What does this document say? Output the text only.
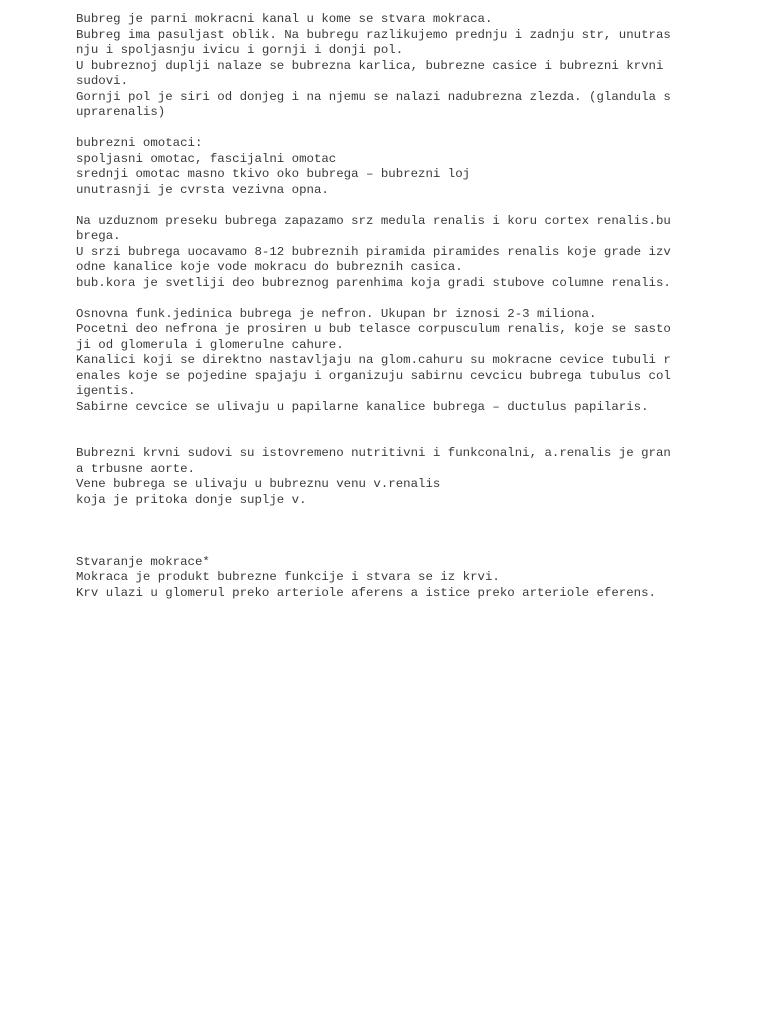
Bubreg je parni mokracni kanal u kome se stvara mokraca.
Bubreg ima pasuljast oblik. Na bubregu razlikujemo prednju i zadnju str, unutras
nju i spoljasnju ivicu i gornji i donji pol.
U bubreznoj duplji nalaze se bubrezna karlica, bubrezne casice i bubrezni krvni
sudovi.
Gornji pol je siri od donjeg i na njemu se nalazi nadubrezna zlezda. (glandula s
uprarenalis)
bubrezni omotaci:
spoljasni omotac, fascijalni omotac
srednji omotac masno tkivo oko bubrega – bubrezni loj
unutrasnji je cvrsta vezivna opna.
Na uzduznom preseku bubrega zapazamo srz medula renalis i koru cortex renalis.bu
brega.
U srzi bubrega uocavamo 8-12 bubreznih piramida piramides renalis koje grade izv
odne kanalice koje vode mokracu do bubreznih casica.
bub.kora je svetliji deo bubreznog parenhima koja gradi stubove columne renalis.
Osnovna funk.jedinica bubrega je nefron. Ukupan br iznosi 2-3 miliona.
Pocetni deo nefrona je prosiren u bub telasce corpusculum renalis, koje se sasto
ji od glomerula i glomerulne cahure.
Kanalici koji se direktno nastavljaju na glom.cahuru su mokracne cevice tubuli r
enales koje se pojedine spajaju i organizuju sabirnu cevcicu bubrega tubulus col
igentis.
Sabirne cevcice se ulivaju u papilarne kanalice bubrega – ductulus papilaris.
Bubrezni krvni sudovi su istovremeno nutritivni i funkconalni, a.renalis je gran
a trbusne aorte.
Vene bubrega se ulivaju u bubreznu venu v.renalis
koja je pritoka donje suplje v.
Stvaranje mokrace*
Mokraca je produkt bubrezne funkcije i stvara se iz krvi.
Krv ulazi u glomerul preko arteriole aferens a istice preko arteriole eferens.
